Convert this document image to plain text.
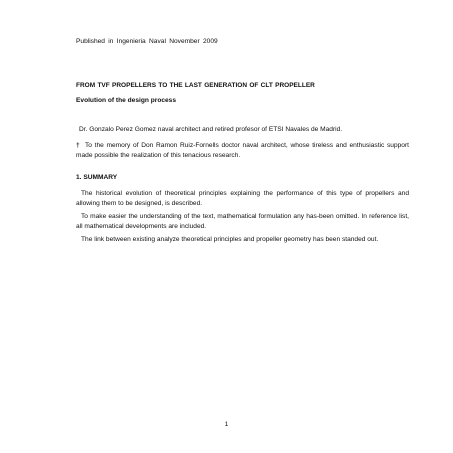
Published in Ingenieria Naval November 2009
FROM TVF PROPELLERS TO THE LAST GENERATION OF CLT PROPELLER
Evolution of the design process
Dr. Gonzalo Perez Gomez naval architect and retired profesor of ETSI Navales de Madrid.
† To the memory of Don Ramon Ruiz-Fornells doctor naval architect, whose tireless and enthusiastic support made possible the realization of this tenacious research.
1. SUMMARY
The historical evolution of theoretical principles explaining the performance of this type of propellers and allowing them to be designed, is described.
To make easier the understanding of the text, mathematical formulation any has-been omitted. In reference list, all mathematical developments are included.
The link between existing analyze theoretical principles and propeller geometry has been standed out.
1
